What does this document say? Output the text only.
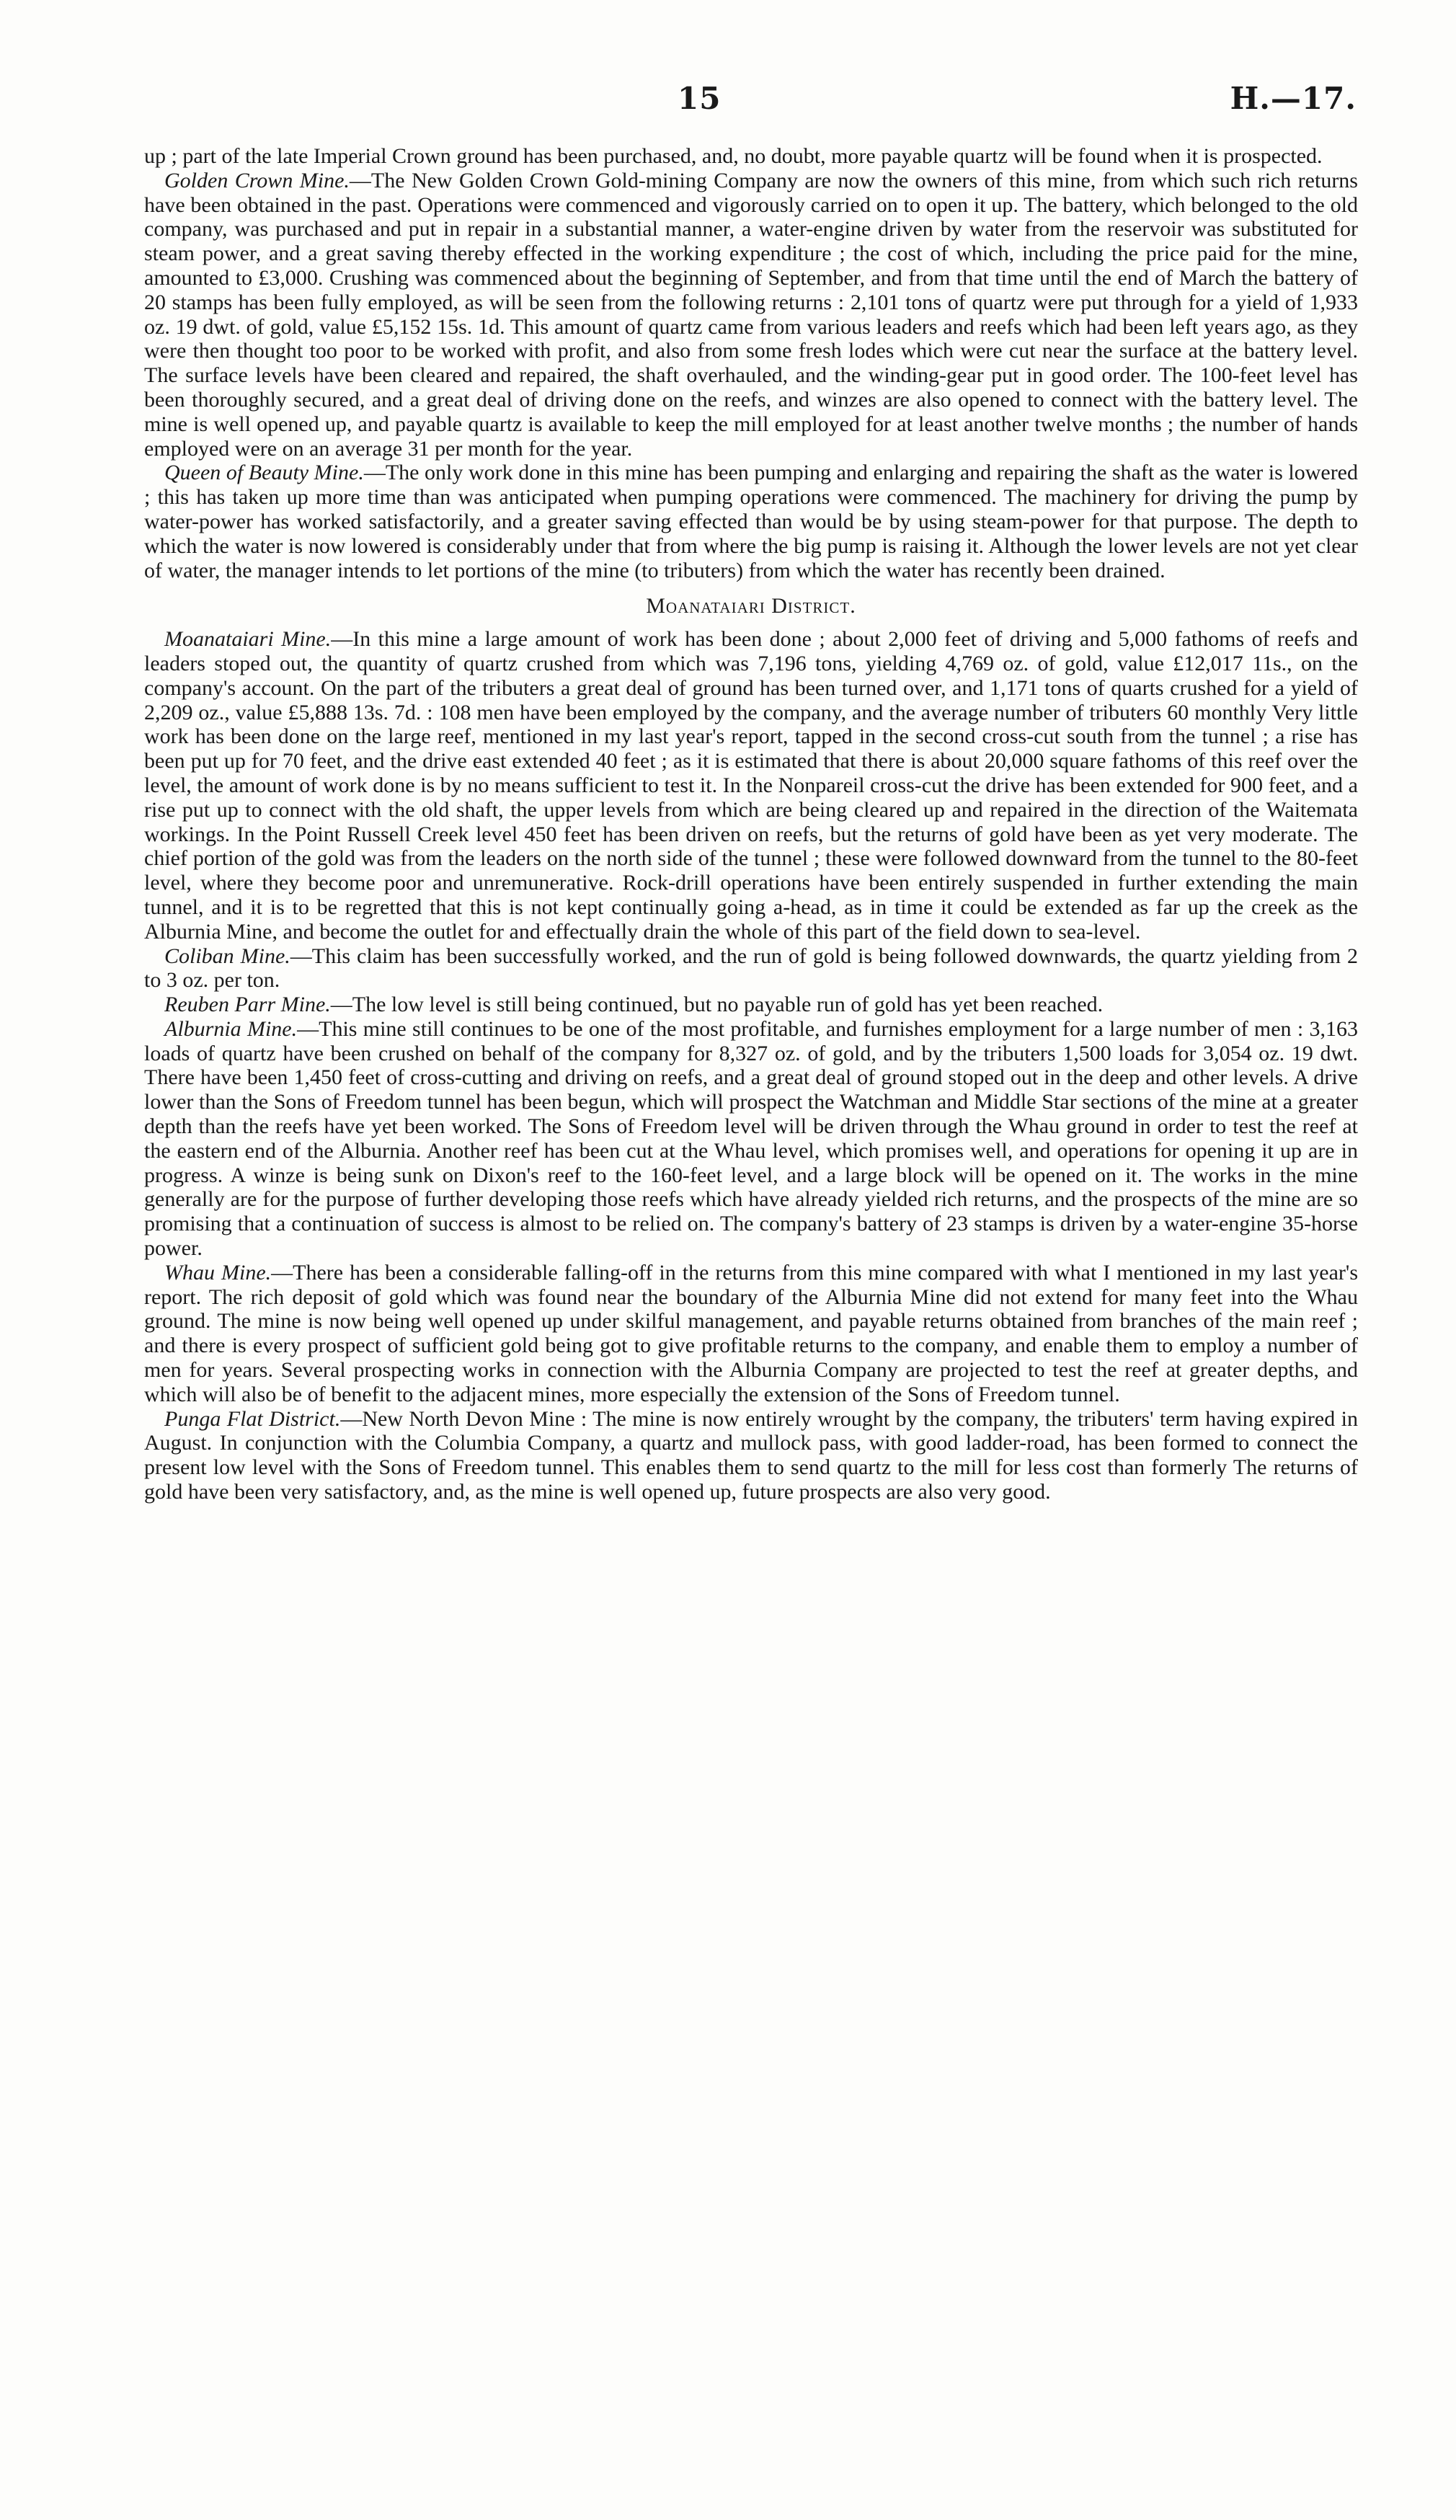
15	H.—17.

up ; part of the late Imperial Crown ground has been purchased, and, no doubt, more payable quartz will be found when it is prospected.

Golden Crown Mine.—The New Golden Crown Gold-mining Company are now the owners of this mine, from which such rich returns have been obtained in the past. Operations were commenced and vigorously carried on to open it up. The battery, which belonged to the old company, was purchased and put in repair in a substantial manner, a water-engine driven by water from the reservoir was substituted for steam power, and a great saving thereby effected in the working expenditure ; the cost of which, including the price paid for the mine, amounted to £3,000. Crushing was commenced about the beginning of September, and from that time until the end of March the battery of 20 stamps has been fully employed, as will be seen from the following returns : 2,101 tons of quartz were put through for a yield of 1,933 oz. 19 dwt. of gold, value £5,152 15s. 1d. This amount of quartz came from various leaders and reefs which had been left years ago, as they were then thought too poor to be worked with profit, and also from some fresh lodes which were cut near the surface at the battery level. The surface levels have been cleared and repaired, the shaft overhauled, and the winding-gear put in good order. The 100-feet level has been thoroughly secured, and a great deal of driving done on the reefs, and winzes are also opened to connect with the battery level. The mine is well opened up, and payable quartz is available to keep the mill employed for at least another twelve months ; the number of hands employed were on an average 31 per month for the year.

Queen of Beauty Mine.—The only work done in this mine has been pumping and enlarging and repairing the shaft as the water is lowered ; this has taken up more time than was anticipated when pumping operations were commenced. The machinery for driving the pump by water-power has worked satisfactorily, and a greater saving effected than would be by using steam-power for that purpose. The depth to which the water is now lowered is considerably under that from where the big pump is raising it. Although the lower levels are not yet clear of water, the manager intends to let portions of the mine (to tributers) from which the water has recently been drained.

Moanataiari District.

Moanataiari Mine.—In this mine a large amount of work has been done ; about 2,000 feet of driving and 5,000 fathoms of reefs and leaders stoped out, the quantity of quartz crushed from which was 7,196 tons, yielding 4,769 oz. of gold, value £12,017 11s., on the company's account. On the part of the tributers a great deal of ground has been turned over, and 1,171 tons of quarts crushed for a yield of 2,209 oz., value £5,888 13s. 7d. : 108 men have been employed by the company, and the average number of tributers 60 monthly Very little work has been done on the large reef, mentioned in my last year's report, tapped in the second cross-cut south from the tunnel ; a rise has been put up for 70 feet, and the drive east extended 40 feet ; as it is estimated that there is about 20,000 square fathoms of this reef over the level, the amount of work done is by no means sufficient to test it. In the Nonpareil cross-cut the drive has been extended for 900 feet, and a rise put up to connect with the old shaft, the upper levels from which are being cleared up and repaired in the direction of the Waitemata workings. In the Point Russell Creek level 450 feet has been driven on reefs, but the returns of gold have been as yet very moderate. The chief portion of the gold was from the leaders on the north side of the tunnel ; these were followed downward from the tunnel to the 80-feet level, where they become poor and unremunerative. Rock-drill operations have been entirely suspended in further extending the main tunnel, and it is to be regretted that this is not kept continually going a-head, as in time it could be extended as far up the creek as the Alburnia Mine, and become the outlet for and effectually drain the whole of this part of the field down to sea-level.

Coliban Mine.—This claim has been successfully worked, and the run of gold is being followed downwards, the quartz yielding from 2 to 3 oz. per ton.

Reuben Parr Mine.—The low level is still being continued, but no payable run of gold has yet been reached.

Alburnia Mine.—This mine still continues to be one of the most profitable, and furnishes employment for a large number of men : 3,163 loads of quartz have been crushed on behalf of the company for 8,327 oz. of gold, and by the tributers 1,500 loads for 3,054 oz. 19 dwt. There have been 1,450 feet of cross-cutting and driving on reefs, and a great deal of ground stoped out in the deep and other levels. A drive lower than the Sons of Freedom tunnel has been begun, which will prospect the Watchman and Middle Star sections of the mine at a greater depth than the reefs have yet been worked. The Sons of Freedom level will be driven through the Whau ground in order to test the reef at the eastern end of the Alburnia. Another reef has been cut at the Whau level, which promises well, and operations for opening it up are in progress. A winze is being sunk on Dixon's reef to the 160-feet level, and a large block will be opened on it. The works in the mine generally are for the purpose of further developing those reefs which have already yielded rich returns, and the prospects of the mine are so promising that a continuation of success is almost to be relied on. The company's battery of 23 stamps is driven by a water-engine 35-horse power.

Whau Mine.—There has been a considerable falling-off in the returns from this mine compared with what I mentioned in my last year's report. The rich deposit of gold which was found near the boundary of the Alburnia Mine did not extend for many feet into the Whau ground. The mine is now being well opened up under skilful management, and payable returns obtained from branches of the main reef ; and there is every prospect of sufficient gold being got to give profitable returns to the company, and enable them to employ a number of men for years. Several prospecting works in connection with the Alburnia Company are projected to test the reef at greater depths, and which will also be of benefit to the adjacent mines, more especially the extension of the Sons of Freedom tunnel.

Punga Flat District.—New North Devon Mine : The mine is now entirely wrought by the company, the tributers' term having expired in August. In conjunction with the Columbia Company, a quartz and mullock pass, with good ladder-road, has been formed to connect the present low level with the Sons of Freedom tunnel. This enables them to send quartz to the mill for less cost than formerly The returns of gold have been very satisfactory, and, as the mine is well opened up, future prospects are also very good.
